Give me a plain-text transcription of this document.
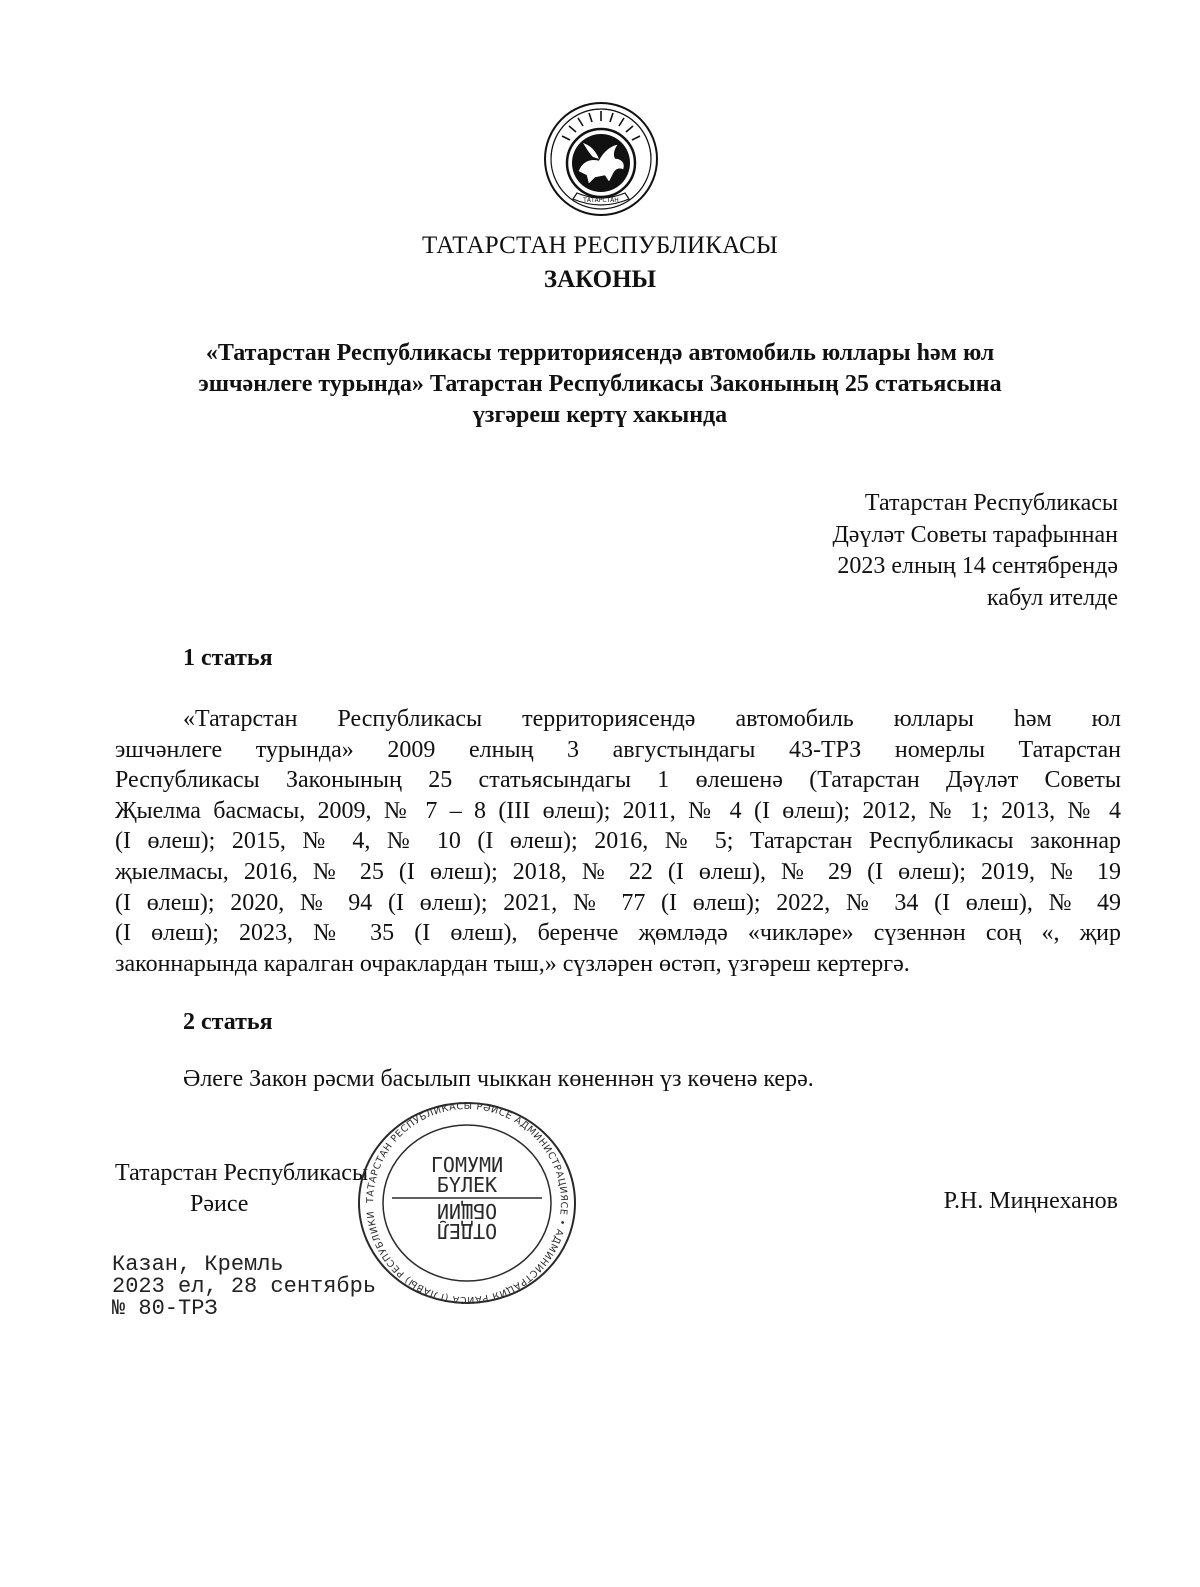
ТАТАРСТАН
ТАТАРСТАН РЕСПУБЛИКАСЫ
ЗАКОНЫ
«Татарстан Республикасы территориясендә автомобиль юллары һәм юл
эшчәнлеге турында» Татарстан Республикасы Законының 25 статьясына
үзгәреш кертү хакында
Татарстан Республикасы
Дәүләт Советы тарафыннан
2023 елның 14 сентябрендә
кабул ителде
1 статья
«Татарстан Республикасы территориясендә автомобиль юллары һәм юл
эшчәнлеге турында» 2009 елның 3 августындагы 43-ТРЗ номерлы Татарстан
Республикасы Законының 25 статьясындагы 1 өлешенә (Татарстан Дәүләт Советы
Җыелма басмасы, 2009, № 7 – 8 (III өлеш); 2011, № 4 (I өлеш); 2012, № 1; 2013, № 4
(I өлеш); 2015, № 4, № 10 (I өлеш); 2016, № 5; Татарстан Республикасы законнар
җыелмасы, 2016, № 25 (I өлеш); 2018, № 22 (I өлеш), № 29 (I өлеш); 2019, № 19
(I өлеш); 2020, № 94 (I өлеш); 2021, № 77 (I өлеш); 2022, № 34 (I өлеш), № 49
(I өлеш); 2023, № 35 (I өлеш), беренче җөмләдә «чикләре» сүзеннән соң «, җир
законнарында каралган очраклардан тыш,» сүзләрен өстәп, үзгәреш кертергә.
2 статья
Әлеге Закон рәсми басылып чыккан көненнән үз көченә керә.
Татарстан Республикасы
Рәисе	Р.Н. Миңнеханов
Казан, Кремль
2023 ел, 28 сентябрь
№ 80-ТРЗ
ТАТАРСТАН РЕСПУБЛИКАСЫ РӘИСЕ АДМИНИСТРАЦИЯСЕ • АДМИНИСТРАЦИЯ РАИСА (ГЛАВЫ) РЕСПУБЛИКИ
ГОМУМИ
БҮЛЕК
ОТДЕЛ
ОБЩИЙ
